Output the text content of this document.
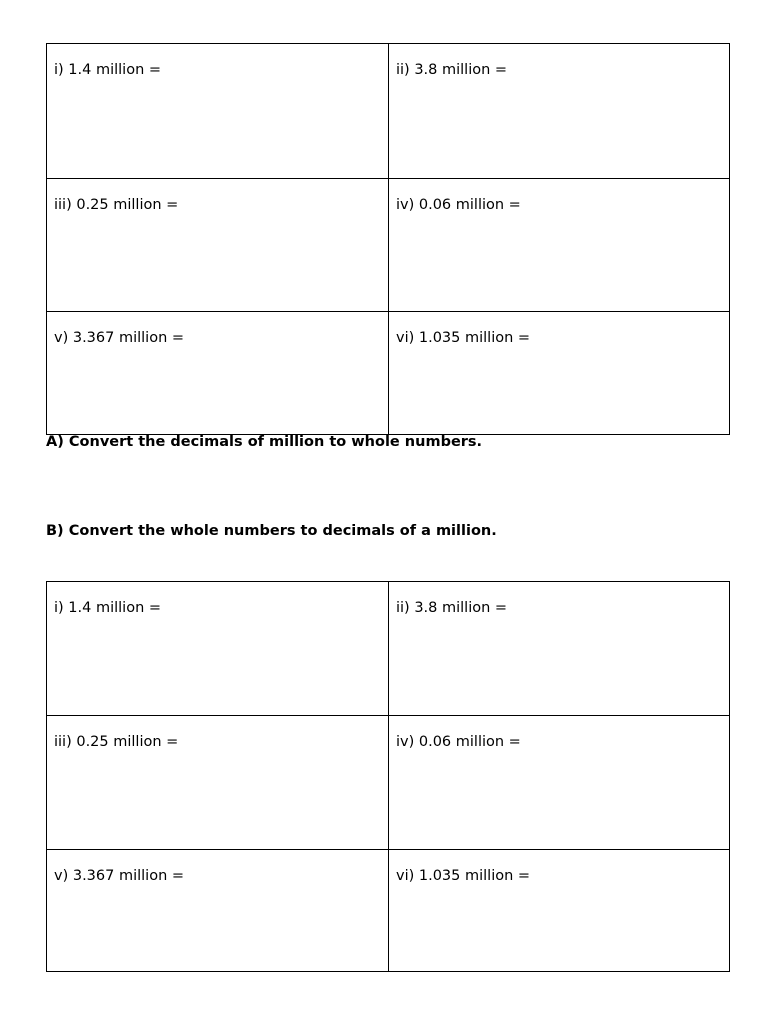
i) 1.4 million =	ii) 3.8 million =
iii) 0.25 million =	iv) 0.06 million =
v) 3.367 million =	vi) 1.035 million =

A) Convert the decimals of million to whole numbers.

B) Convert the whole numbers to decimals of a million.

i) 1.4 million =	ii) 3.8 million =
iii) 0.25 million =	iv) 0.06 million =
v) 3.367 million =	vi) 1.035 million =
